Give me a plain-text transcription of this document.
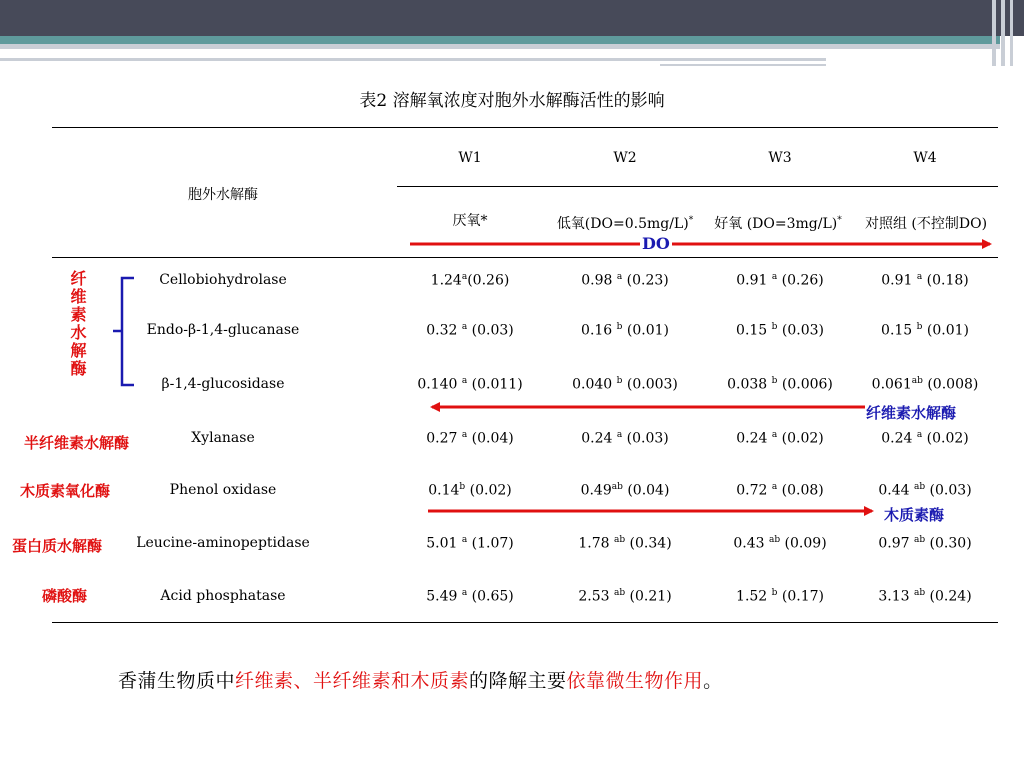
表2 溶解氧浓度对胞外水解酶活性的影响
胞外水解酶
W1	W2	W3	W4
厌氧*	低氧(DO=0.5mg/L)*	好氧 (DO=3mg/L)*	对照组 (不控制DO)
Cellobiohydrolase	1.24$^a$(0.26)	0.98 $^a$ (0.23)	0.91 $^a$ (0.26)	0.91 $^a$ (0.18)
Endo-β-1,4-glucanase	0.32 $^a$ (0.03)	0.16 $^b$ (0.01)	0.15 $^b$ (0.03)	0.15 $^b$ (0.01)
β-1,4-glucosidase	0.140 $^a$ (0.011)	0.040 $^b$ (0.003)	0.038 $^b$ (0.006)	0.061$^{ab}$ (0.008)
Xylanase	0.27 $^a$ (0.04)	0.24 $^a$ (0.03)	0.24 $^a$ (0.02)	0.24 $^a$ (0.02)
Phenol oxidase	0.14$^b$ (0.02)	0.49$^{ab}$ (0.04)	0.72 $^a$ (0.08)	0.44 $^{ab}$ (0.03)
Leucine-aminopeptidase	5.01 $^a$ (1.07)	1.78 $^{ab}$ (0.34)	0.43 $^{ab}$ (0.09)	0.97 $^{ab}$ (0.30)
Acid phosphatase	5.49 $^a$ (0.65)	2.53 $^{ab}$ (0.21)	1.52 $^b$ (0.17)	3.13 $^{ab}$ (0.24)
DO
纤维素水解酶
纤维素水解酶
木质素酶
半纤维素水解酶
木质素氧化酶
蛋白质水解酶
磷酸酶
香蒲生物质中纤维素、半纤维素和木质素的降解主要依靠微生物作用。
